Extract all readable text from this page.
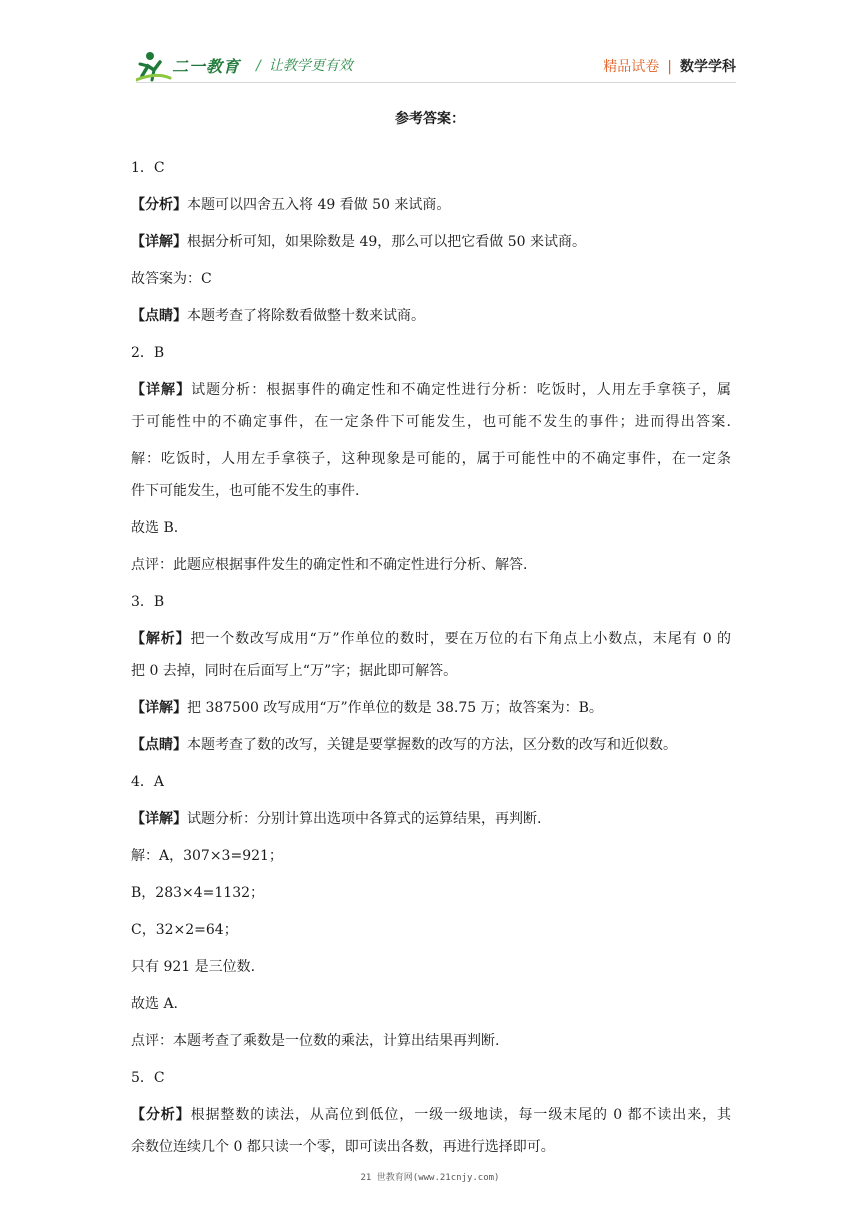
二一教育 / 让教学更有效	精品试卷 | 数学学科
参考答案：
1．C
【分析】本题可以四舍五入将 49 看做 50 来试商。
【详解】根据分析可知，如果除数是 49，那么可以把它看做 50 来试商。
故答案为：C
【点睛】本题考查了将除数看做整十数来试商。
2．B
【详解】试题分析：根据事件的确定性和不确定性进行分析：吃饭时，人用左手拿筷子，属
于可能性中的不确定事件，在一定条件下可能发生，也可能不发生的事件；进而得出答案.
解：吃饭时，人用左手拿筷子，这种现象是可能的，属于可能性中的不确定事件，在一定条
件下可能发生，也可能不发生的事件.
故选 B.
点评：此题应根据事件发生的确定性和不确定性进行分析、解答.
3．B
【解析】把一个数改写成用“万”作单位的数时，要在万位的右下角点上小数点，末尾有 0 的
把 0 去掉，同时在后面写上“万”字；据此即可解答。
【详解】把 387500 改写成用“万”作单位的数是 38.75 万；故答案为：B。
【点睛】本题考查了数的改写，关键是要掌握数的改写的方法，区分数的改写和近似数。
4．A
【详解】试题分析：分别计算出选项中各算式的运算结果，再判断.
解：A，307×3=921；
B，283×4=1132；
C，32×2=64；
只有 921 是三位数.
故选 A.
点评：本题考查了乘数是一位数的乘法，计算出结果再判断.
5．C
【分析】根据整数的读法，从高位到低位，一级一级地读，每一级末尾的 0 都不读出来，其
余数位连续几个 0 都只读一个零，即可读出各数，再进行选择即可。
21 世教育网(www.21cnjy.com)
